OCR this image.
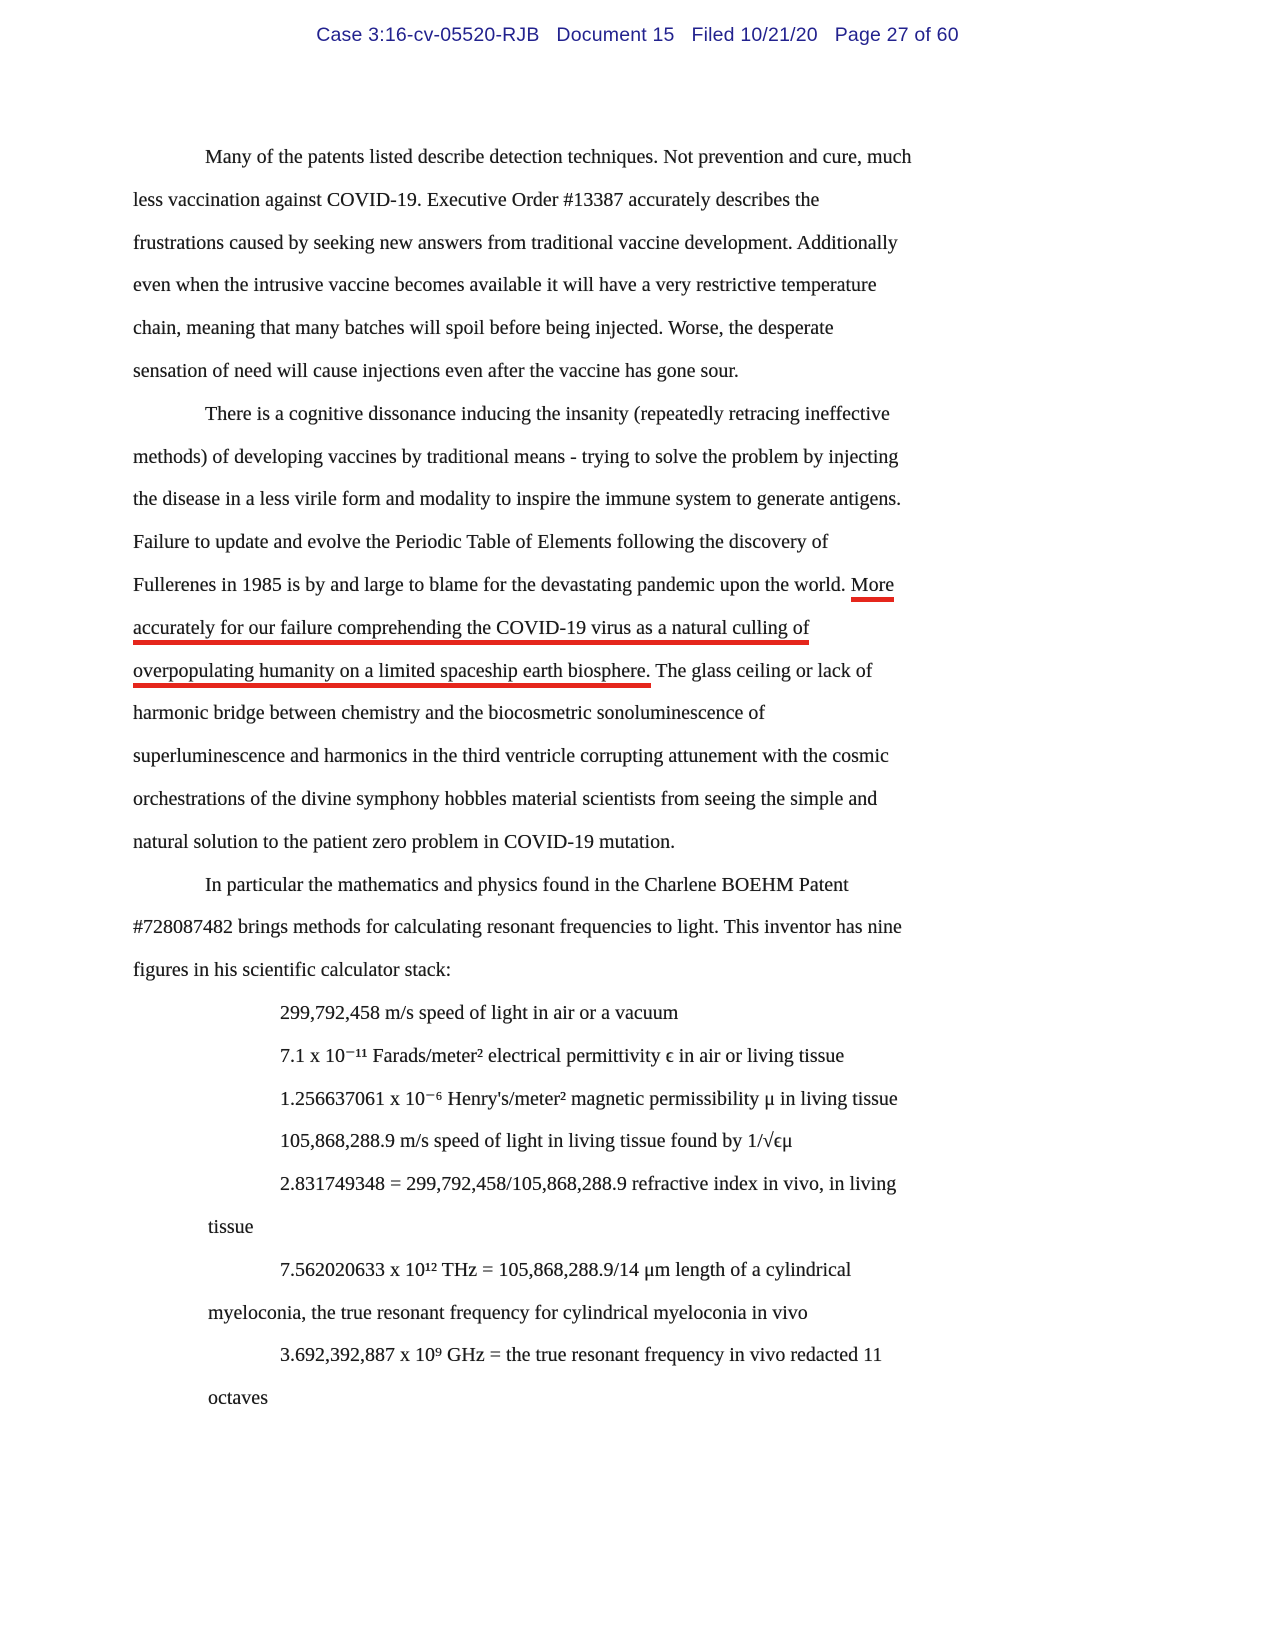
Case 3:16-cv-05520-RJB   Document 15   Filed 10/21/20   Page 27 of 60
Many of the patents listed describe detection techniques. Not prevention and cure, much
less vaccination against COVID-19. Executive Order #13387 accurately describes the
frustrations caused by seeking new answers from traditional vaccine development. Additionally
even when the intrusive vaccine becomes available it will have a very restrictive temperature
chain, meaning that many batches will spoil before being injected. Worse, the desperate
sensation of need will cause injections even after the vaccine has gone sour.
There is a cognitive dissonance inducing the insanity (repeatedly retracing ineffective
methods) of developing vaccines by traditional means - trying to solve the problem by injecting
the disease in a less virile form and modality to inspire the immune system to generate antigens.
Failure to update and evolve the Periodic Table of Elements following the discovery of
Fullerenes in 1985 is by and large to blame for the devastating pandemic upon the world. More
accurately for our failure comprehending the COVID-19 virus as a natural culling of
overpopulating humanity on a limited spaceship earth biosphere. The glass ceiling or lack of
harmonic bridge between chemistry and the biocosmetric sonoluminescence of
superluminescence and harmonics in the third ventricle corrupting attunement with the cosmic
orchestrations of the divine symphony hobbles material scientists from seeing the simple and
natural solution to the patient zero problem in COVID-19 mutation.
In particular the mathematics and physics found in the Charlene BOEHM Patent
#728087482 brings methods for calculating resonant frequencies to light. This inventor has nine
figures in his scientific calculator stack:
299,792,458 m/s speed of light in air or a vacuum
7.1 x 10⁻¹¹ Farads/meter² electrical permittivity ϵ in air or living tissue
1.256637061 x 10⁻⁶ Henry's/meter² magnetic permissibility μ in living tissue
105,868,288.9 m/s speed of light in living tissue found by 1/√ϵμ
2.831749348 = 299,792,458/105,868,288.9 refractive index in vivo, in living
tissue
7.562020633 x 10¹² THz = 105,868,288.9/14 μm length of a cylindrical
myeloconia, the true resonant frequency for cylindrical myeloconia in vivo
3.692,392,887 x 10⁹ GHz = the true resonant frequency in vivo redacted 11
octaves
